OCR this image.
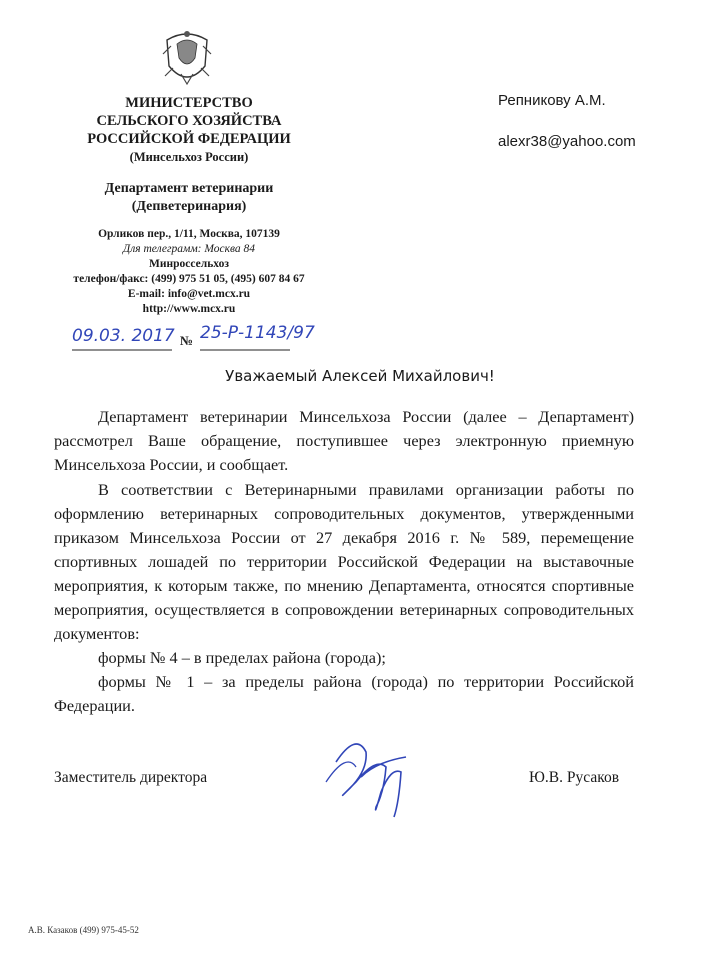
МИНИСТЕРСТВО
СЕЛЬСКОГО ХОЗЯЙСТВА
РОССИЙСКОЙ ФЕДЕРАЦИИ
(Минсельхоз России)
Департамент ветеринарии
(Депветеринария)
Орликов пер., 1/11, Москва, 107139
Для телеграмм: Москва 84
Минроссельхоз
телефон/факс: (499) 975 51 05, (495) 607 84 67
E-mail: info@vet.mcx.ru
http://www.mcx.ru
Репникову А.М.
alexr38@yahoo.com
09.03. 2017 № 25-Р-1143/97
Уважаемый Алексей Михайлович!

Департамент ветеринарии Минсельхоза России (далее – Департамент) рассмотрел Ваше обращение, поступившее через электронную приемную Минсельхоза России, и сообщает.

В соответствии с Ветеринарными правилами организации работы по оформлению ветеринарных сопроводительных документов, утвержденными приказом Минсельхоза России от 27 декабря 2016 г. № 589, перемещение спортивных лошадей по территории Российской Федерации на выставочные мероприятия, к которым также, по мнению Департамента, относятся спортивные мероприятия, осуществляется в сопровождении ветеринарных сопроводительных документов:

формы № 4 – в пределах района (города);

формы № 1 – за пределы района (города) по территории Российской Федерации.

Заместитель директора	Ю.В. Русаков
А.В. Казаков (499) 975-45-52
